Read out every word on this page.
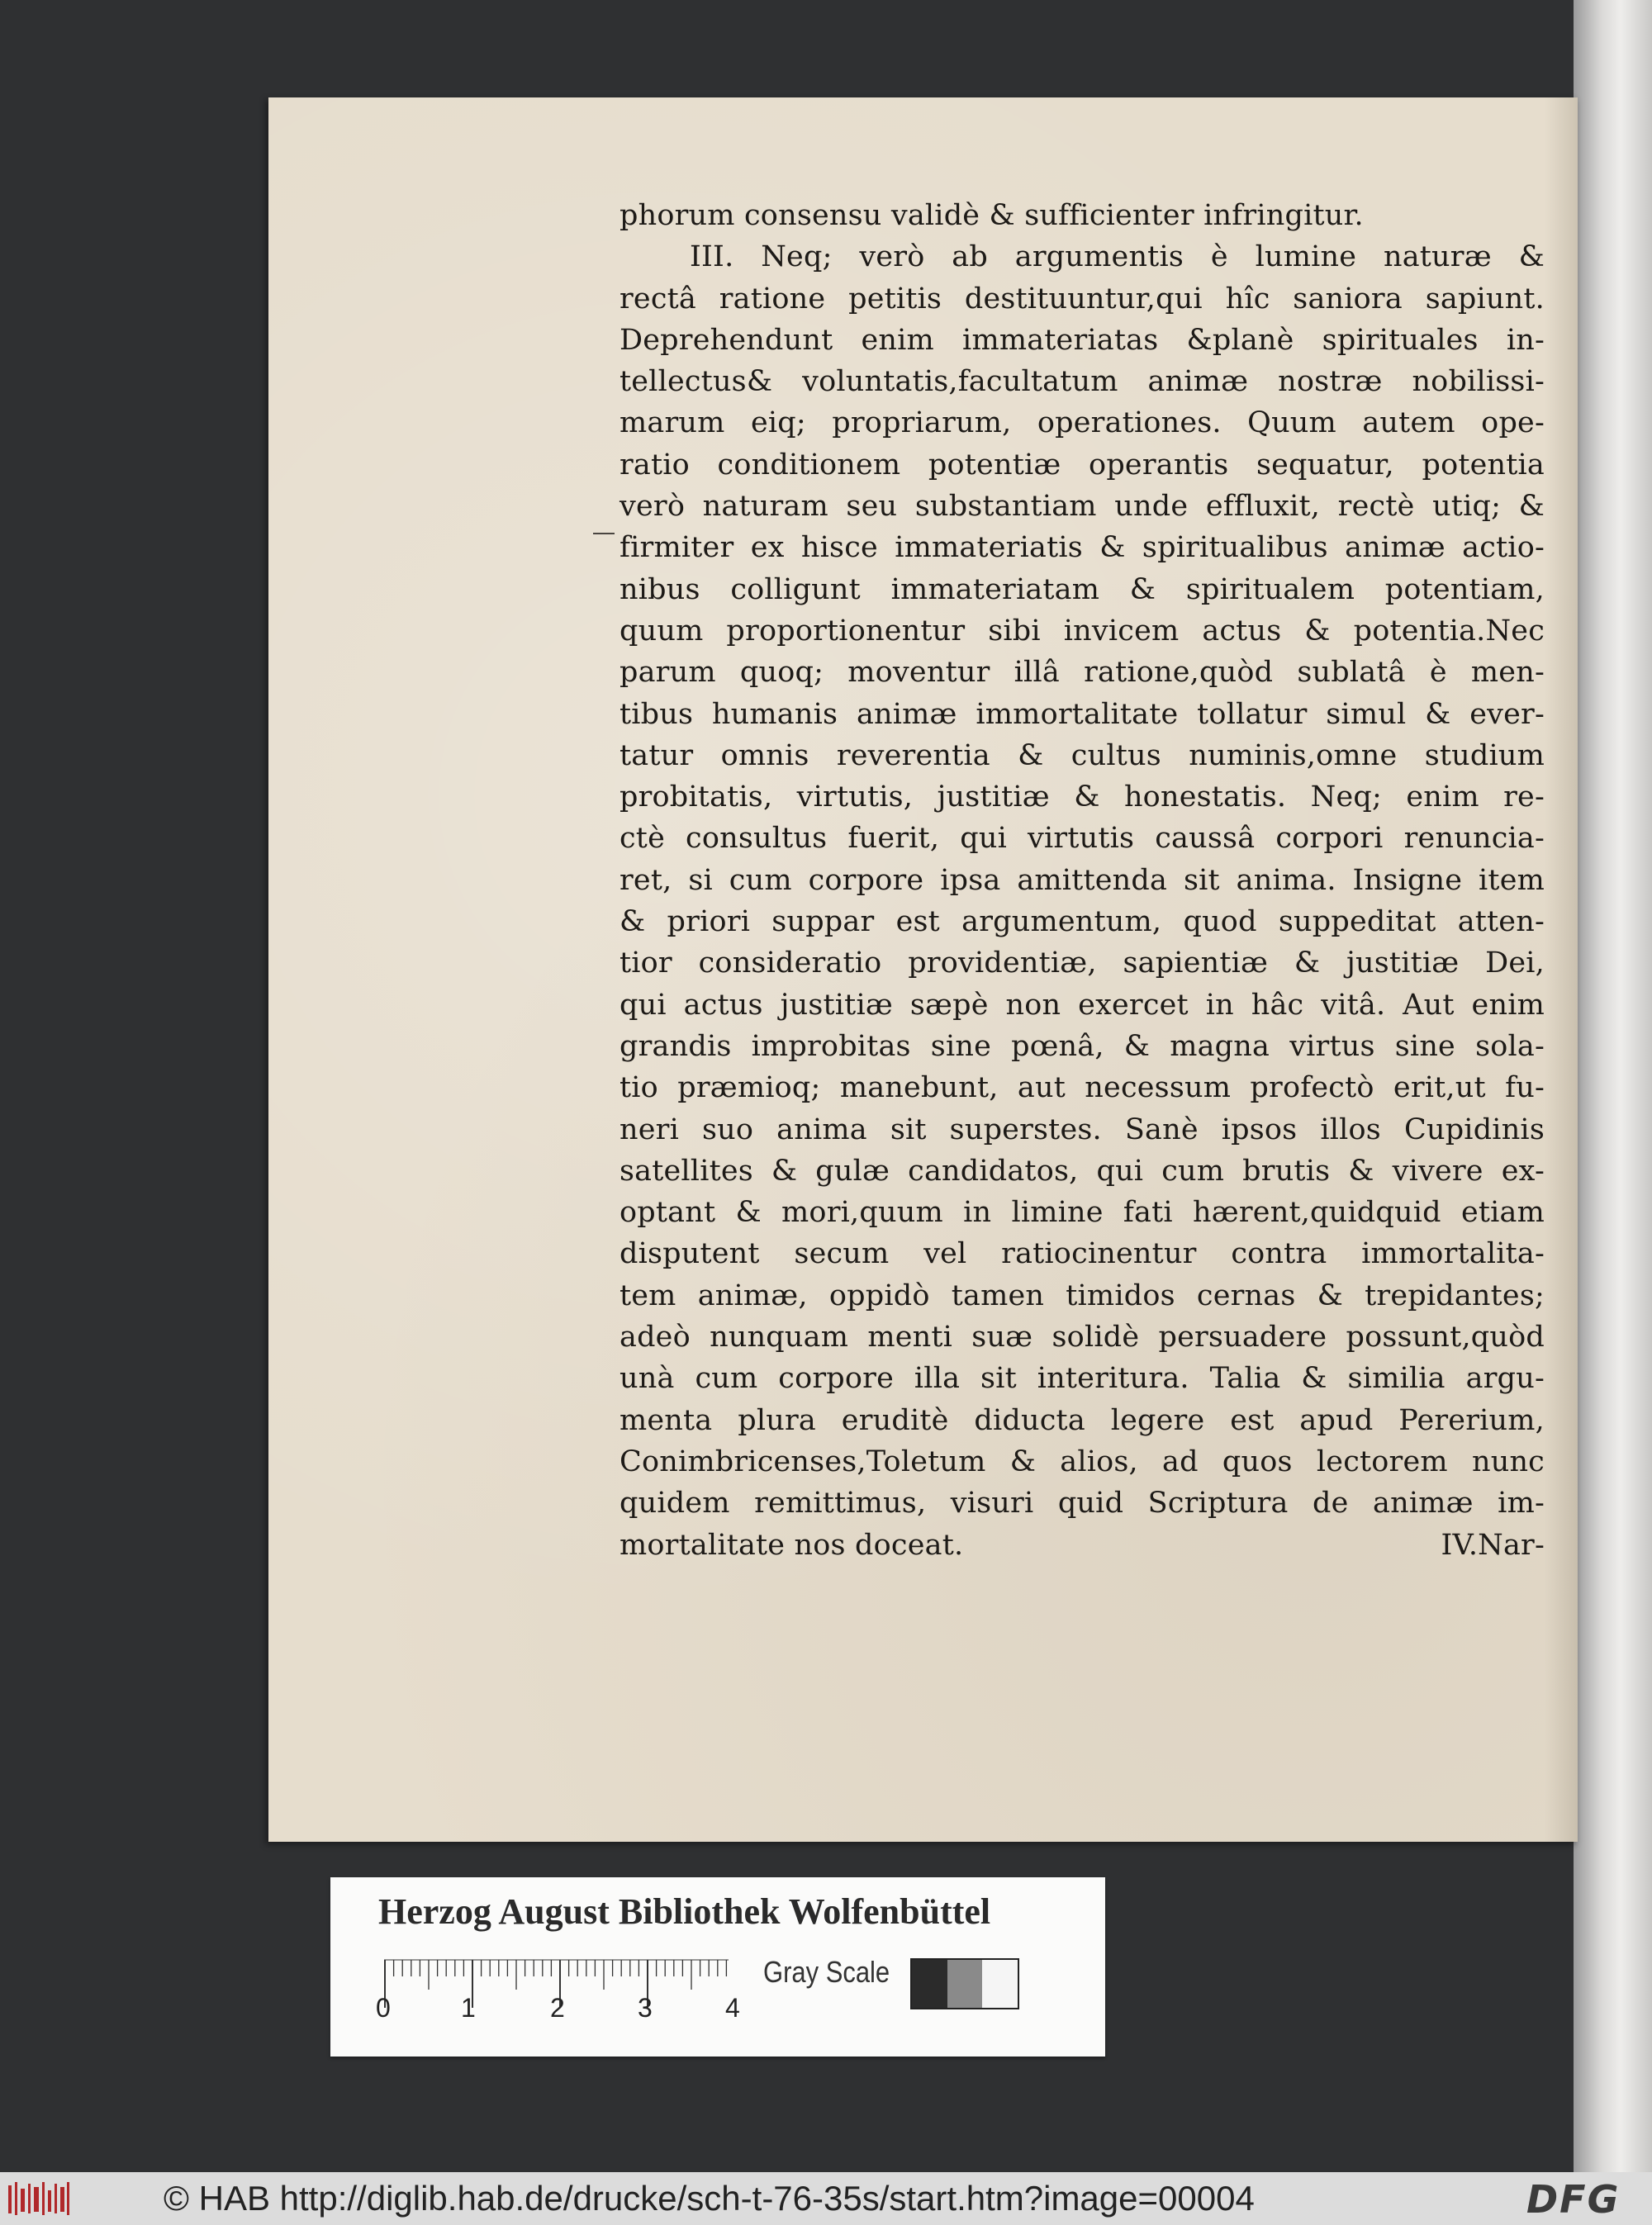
phorum consensu validè & sufficienter infringitur.
III. Neq; verò ab argumentis è lumine naturæ &
rectâ ratione petitis destituuntur,qui hîc saniora sapiunt.
Deprehendunt enim immateriatas &planè spirituales in-
tellectus& voluntatis,facultatum animæ nostræ nobilissi-
marum eiq; propriarum, operationes. Quum autem ope-
ratio conditionem potentiæ operantis sequatur, potentia
verò naturam seu substantiam unde effluxit, rectè utiq; &
firmiter ex hisce immateriatis & spiritualibus animæ actio-
nibus colligunt immateriatam & spiritualem potentiam,
quum proportionentur sibi invicem actus & potentia.Nec
parum quoq; moventur illâ ratione,quòd sublatâ è men-
tibus humanis animæ immortalitate tollatur simul & ever-
tatur omnis reverentia & cultus numinis,omne studium
probitatis, virtutis, justitiæ & honestatis. Neq; enim re-
ctè consultus fuerit, qui virtutis caussâ corpori renuncia-
ret, si cum corpore ipsa amittenda sit anima. Insigne item
& priori suppar est argumentum, quod suppeditat atten-
tior consideratio providentiæ, sapientiæ & justitiæ Dei,
qui actus justitiæ sæpè non exercet in hâc vitâ. Aut enim
grandis improbitas sine pœnâ, & magna virtus sine sola-
tio præmioq; manebunt, aut necessum profectò erit,ut fu-
neri suo anima sit superstes. Sanè ipsos illos Cupidinis
satellites & gulæ candidatos, qui cum brutis & vivere ex-
optant & mori,quum in limine fati hærent,quidquid etiam
disputent secum vel ratiocinentur contra immortalita-
tem animæ, oppidò tamen timidos cernas & trepidantes;
adeò nunquam menti suæ solidè persuadere possunt,quòd
unà cum corpore illa sit interitura. Talia & similia argu-
menta plura eruditè diducta legere est apud Pererium,
Conimbricenses,Toletum & alios, ad quos lectorem nunc
quidem remittimus, visuri quid Scriptura de animæ im-
mortalitate nos doceat.	IV.Nar-
Herzog August Bibliothek Wolfenbüttel
0	1	2	3	4
Gray Scale
© HAB http://diglib.hab.de/drucke/sch-t-76-35s/start.htm?image=00004	DFG
